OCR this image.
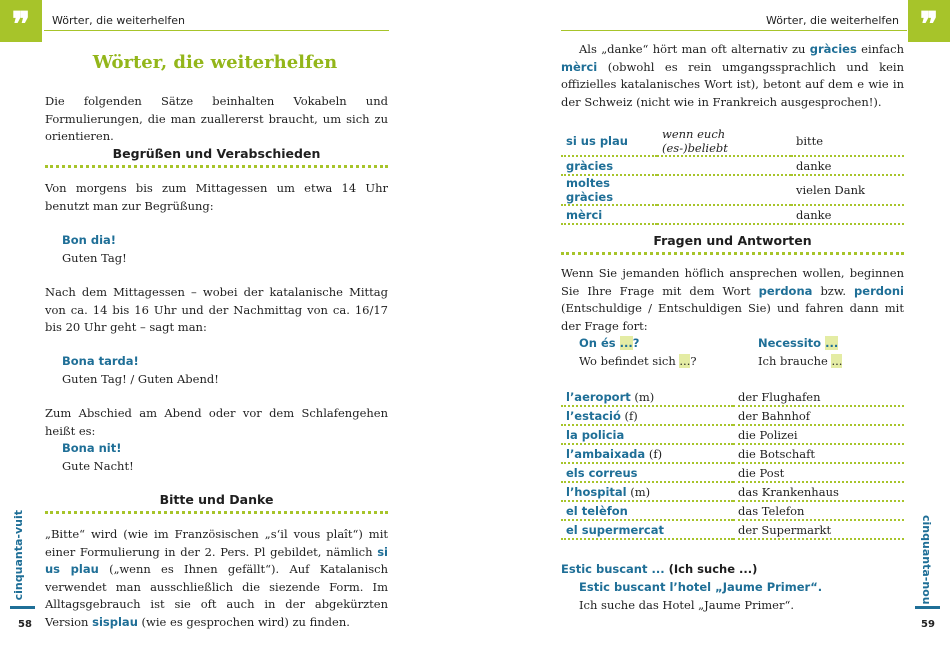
❞	Wörter, die weiterhelfen
Wörter, die weiterhelfen
Die folgenden Sätze beinhalten Vokabeln und Formulierungen, die man zuallererst braucht, um sich zu orientieren.
Begrüßen und Verabschieden
Von morgens bis zum Mittagessen um etwa 14 Uhr benutzt man zur Begrüßung:
Bon dia!
Guten Tag!
Nach dem Mittagessen – wobei der katalanische Mittag von ca. 14 bis 16 Uhr und der Nachmittag von ca. 16/17 bis 20 Uhr geht – sagt man:
Bona tarda!
Guten Tag! / Guten Abend!
Zum Abschied am Abend oder vor dem Schlafengehen heißt es:
Bona nit!
Gute Nacht!
Bitte und Danke
„Bitte“ wird (wie im Französischen „s‘il vous plaît“) mit einer Formulierung in der 2. Pers. Pl gebildet, nämlich si us plau („wenn es Ihnen gefällt“). Auf Katalanisch verwendet man ausschließlich die siezende Form. Im Alltagsgebrauch ist sie oft auch in der abgekürzten Version sisplau (wie es gesprochen wird) zu finden.
cinquanta-vuit
58
❞
Wörter, die weiterhelfen
Als „danke“ hört man oft alternativ zu gràcies einfach mèrci (obwohl es rein umgangssprachlich und kein offizielles katalanisches Wort ist), betont auf dem e wie in der Schweiz (nicht wie in Frankreich ausgesprochen!).
si us plau	wenn euch (es-)beliebt	bitte
gràcies		danke
moltes gràcies		vielen Dank
mèrci		danke
Fragen und Antworten
Wenn Sie jemanden höflich ansprechen wollen, beginnen Sie Ihre Frage mit dem Wort perdona bzw. perdoni (Entschuldige / Entschuldigen Sie) und fahren dann mit der Frage fort:
On és ...?
Wo befindet sich ...?
Necessito ...
Ich brauche ...
l’aeroport (m)	der Flughafen
l’estació (f)	der Bahnhof
la policia	die Polizei
l’ambaixada (f)	die Botschaft
els correus	die Post
l’hospital (m)	das Krankenhaus
el telèfon	das Telefon
el supermercat	der Supermarkt
Estic buscant ... (Ich suche ...)
Estic buscant l’hotel „Jaume Primer“.
Ich suche das Hotel „Jaume Primer“.
cinquanta-nou
59
